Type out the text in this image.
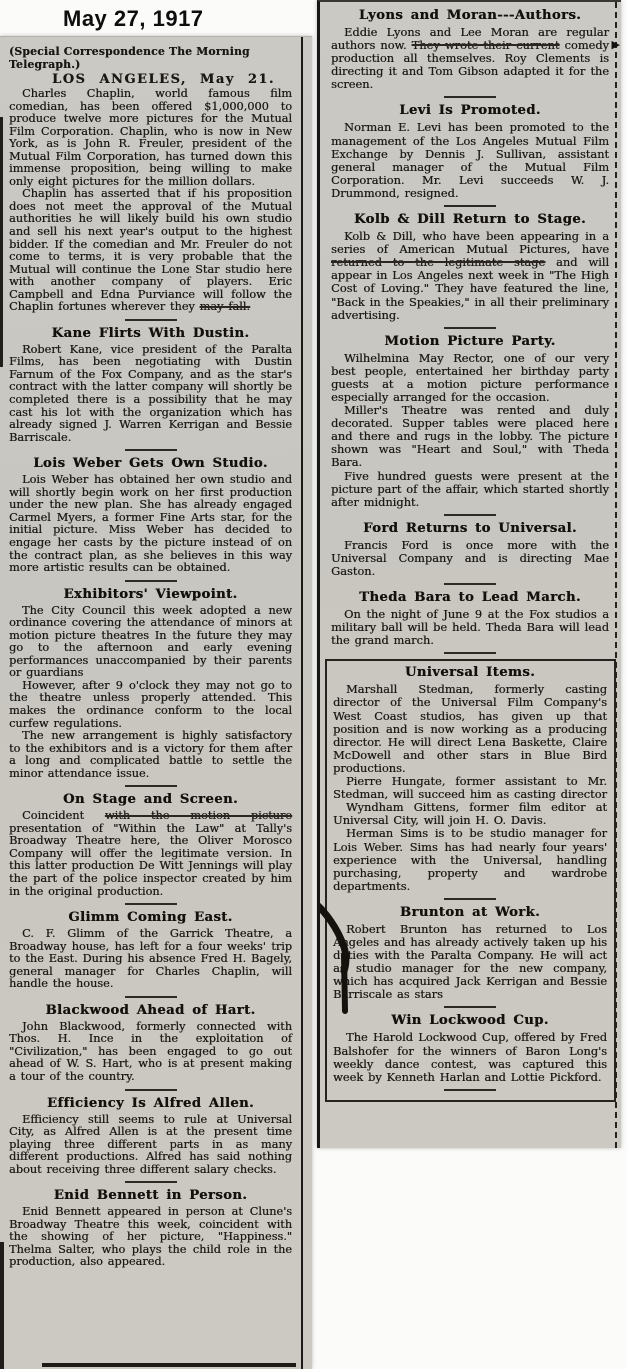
May 27, 1917
(Special Correspondence The Morning Telegraph.)
LOS ANGELES, May 21.

Charles Chaplin, world famous film comedian, has been offered $1,000,000 to produce twelve more pictures for the Mutual Film Corporation. Chaplin, who is now in New York, as is John R. Freuler, president of the Mutual Film Corporation, has turned down this immense proposition, being willing to make only eight pictures for the million dollars.

Chaplin has asserted that if his proposition does not meet the approval of the Mutual authorities he will likely build his own studio and sell his next year's output to the highest bidder. If the comedian and Mr. Freuler do not come to terms, it is very probable that the Mutual will continue the Lone Star studio here with another company of players. Eric Campbell and Edna Purviance will follow the Chaplin fortunes wherever they may fall.

Kane Flirts With Dustin.

Robert Kane, vice president of the Paralta Films, has been negotiating with Dustin Farnum of the Fox Company, and as the star's contract with the latter company will shortly be completed there is a possibility that he may cast his lot with the organization which has already signed J. Warren Kerrigan and Bessie Barriscale.

Lois Weber Gets Own Studio.

Lois Weber has obtained her own studio and will shortly begin work on her first production under the new plan. She has already engaged Carmel Myers, a former Fine Arts star, for the initial picture. Miss Weber has decided to engage her casts by the picture instead of on the contract plan, as she believes in this way more artistic results can be obtained.

Exhibitors' Viewpoint.

The City Council this week adopted a new ordinance covering the attendance of minors at motion picture theatres In the future they may go to the afternoon and early evening performances unaccompanied by their parents or guardians

However, after 9 o'clock they may not go to the theatre unless properly attended. This makes the ordinance conform to the local curfew regulations.

The new arrangement is highly satisfactory to the exhibitors and is a victory for them after a long and complicated battle to settle the minor attendance issue.

On Stage and Screen.

Coincident with the motion picture presentation of "Within the Law" at Tally's Broadway Theatre here, the Oliver Morosco Company will offer the legitimate version. In this latter production De Witt Jennings will play the part of the police inspector created by him in the original production.

Glimm Coming East.

C. F. Glimm of the Garrick Theatre, a Broadway house, has left for a four weeks' trip to the East. During his absence Fred H. Bagely, general manager for Charles Chaplin, will handle the house.

Blackwood Ahead of Hart.

John Blackwood, formerly connected with Thos. H. Ince in the exploitation of "Civilization," has been engaged to go out ahead of W. S. Hart, who is at present making a tour of the country.

Efficiency Is Alfred Allen.

Efficiency still seems to rule at Universal City, as Alfred Allen is at the present time playing three different parts in as many different productions. Alfred has said nothing about receiving three different salary checks.

Enid Bennett in Person.

Enid Bennett appeared in person at Clune's Broadway Theatre this week, coincident with the showing of her picture, "Happiness." Thelma Salter, who plays the child role in the production, also appeared.

Lyons and Moran---Authors.

Eddie Lyons and Lee Moran are regular authors now. They wrote their current comedy production all themselves. Roy Clements is directing it and Tom Gibson adapted it for the screen.

Levi Is Promoted.

Norman E. Levi has been promoted to the management of the Los Angeles Mutual Film Exchange by Dennis J. Sullivan, assistant general manager of the Mutual Film Corporation. Mr. Levi succeeds W. J. Drummond, resigned.

Kolb & Dill Return to Stage.

Kolb & Dill, who have been appearing in a series of American Mutual Pictures, have returned to the legitimate stage and will appear in Los Angeles next week in "The High Cost of Loving." They have featured the line, "Back in the Speakies," in all their preliminary advertising.

Motion Picture Party.

Wilhelmina May Rector, one of our very best people, entertained her birthday party guests at a motion picture performance especially arranged for the occasion.

Miller's Theatre was rented and duly decorated. Supper tables were placed here and there and rugs in the lobby. The picture shown was "Heart and Soul," with Theda Bara.

Five hundred guests were present at the picture part of the affair, which started shortly after midnight.

Ford Returns to Universal.

Francis Ford is once more with the Universal Company and is directing Mae Gaston.

Theda Bara to Lead March.

On the night of June 9 at the Fox studios a military ball will be held. Theda Bara will lead the grand march.

Universal Items.

Marshall Stedman, formerly casting director of the Universal Film Company's West Coast studios, has given up that position and is now working as a producing director. He will direct Lena Baskette, Claire McDowell and other stars in Blue Bird productions.

Pierre Hungate, former assistant to Mr. Stedman, will succeed him as casting director

Wyndham Gittens, former film editor at Universal City, will join H. O. Davis.

Herman Sims is to be studio manager for Lois Weber. Sims has had nearly four years' experience with the Universal, handling purchasing, property and wardrobe departments.

Brunton at Work.

Robert Brunton has returned to Los Angeles and has already actively taken up his duties with the Paralta Company. He will act as studio manager for the new company, which has acquired Jack Kerrigan and Bessie Barriscale as stars

Win Lockwood Cup.

The Harold Lockwood Cup, offered by Fred Balshofer for the winners of Baron Long's weekly dance contest, was captured this week by Kenneth Harlan and Lottie Pickford.

▶
